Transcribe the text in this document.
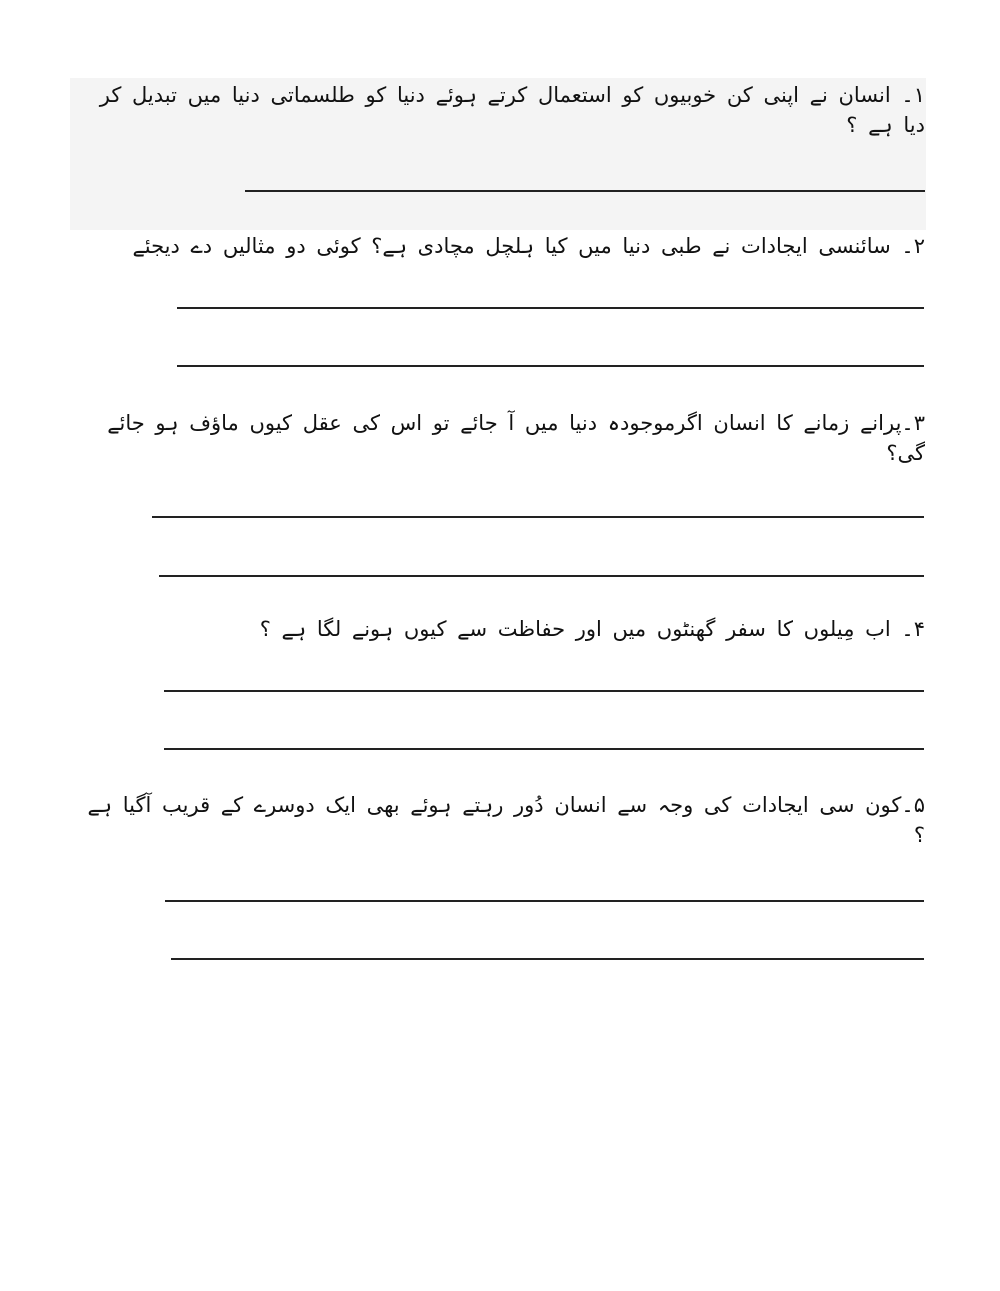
۱۔ انسان نے اپنی کن خوبیوں کو استعمال کرتے ہوئے دنیا کو طلسماتی دنیا میں تبدیل کر دیا ہے ؟

۲۔ سائنسی ایجادات نے طبی دنیا میں کیا ہلچل مچادی ہے؟ کوئی دو مثالیں دے دیجئے

۳۔پرانے زمانے کا انسان اگرموجودہ دنیا میں آ جائے تو اس کی عقل کیوں ماؤف ہو جائے گی؟

۴۔ اب مِیلوں کا سفر گھنٹوں میں اور حفاظت سے کیوں ہونے لگا ہے ؟

۵۔کون سی ایجادات کی وجہ سے انسان دُور رہتے ہوئے بھی ایک دوسرے کے قریب آگیا ہے ؟
